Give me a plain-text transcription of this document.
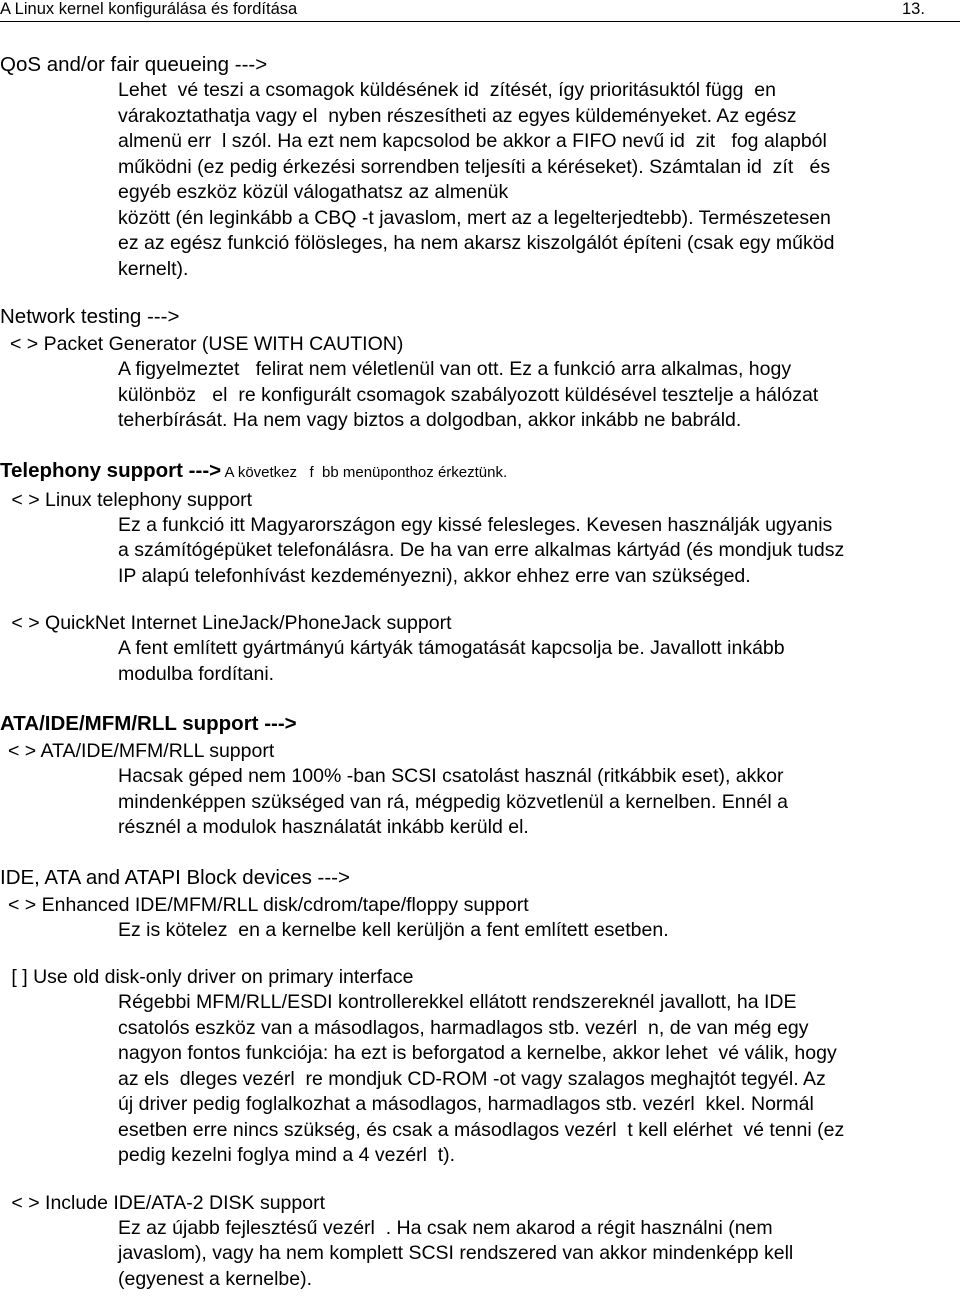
A Linux kernel konfigurálása és fordítása	13.
QoS and/or fair queueing --->
Lehet  vé teszi a csomagok küldésének id  zítését, így prioritásuktól függ  en
várakoztathatja vagy el  nyben részesítheti az egyes küldeményeket. Az egész
almenü err  l szól. Ha ezt nem kapcsolod be akkor a FIFO nevű id  zit   fog alapból
működni (ez pedig érkezési sorrendben teljesíti a kéréseket). Számtalan id  zít   és
egyéb eszköz közül válogathatsz az almenük
között (én leginkább a CBQ -t javaslom, mert az a legelterjedtebb). Természetesen
ez az egész funkció fölösleges, ha nem akarsz kiszolgálót építeni (csak egy működ
kernelt).
Network testing --->
< > Packet Generator (USE WITH CAUTION)
A figyelmeztet   felirat nem véletlenül van ott. Ez a funkció arra alkalmas, hogy
különböz   el  re konfigurált csomagok szabályozott küldésével tesztelje a hálózat
teherbírását. Ha nem vagy biztos a dolgodban, akkor inkább ne babráld.
Telephony support ---> A következ   f  bb menüponthoz érkeztünk.
< > Linux telephony support
Ez a funkció itt Magyarországon egy kissé felesleges. Kevesen használják ugyanis
a számítógépüket telefonálásra. De ha van erre alkalmas kártyád (és mondjuk tudsz
IP alapú telefonhívást kezdeményezni), akkor ehhez erre van szükséged.
< > QuickNet Internet LineJack/PhoneJack support
A fent említett gyártmányú kártyák támogatását kapcsolja be. Javallott inkább
modulba fordítani.
ATA/IDE/MFM/RLL support --->
< > ATA/IDE/MFM/RLL support
Hacsak géped nem 100% -ban SCSI csatolást használ (ritkábbik eset), akkor
mindenképpen szükséged van rá, mégpedig közvetlenül a kernelben. Ennél a
résznél a modulok használatát inkább kerüld el.
IDE, ATA and ATAPI Block devices --->
< > Enhanced IDE/MFM/RLL disk/cdrom/tape/floppy support
Ez is kötelez  en a kernelbe kell kerüljön a fent említett esetben.
[ ] Use old disk-only driver on primary interface
Régebbi MFM/RLL/ESDI kontrollerekkel ellátott rendszereknél javallott, ha IDE
csatolós eszköz van a másodlagos, harmadlagos stb. vezérl  n, de van még egy
nagyon fontos funkciója: ha ezt is beforgatod a kernelbe, akkor lehet  vé válik, hogy
az els  dleges vezérl  re mondjuk CD-ROM -ot vagy szalagos meghajtót tegyél. Az
új driver pedig foglalkozhat a másodlagos, harmadlagos stb. vezérl  kkel. Normál
esetben erre nincs szükség, és csak a másodlagos vezérl  t kell elérhet  vé tenni (ez
pedig kezelni foglya mind a 4 vezérl  t).
< > Include IDE/ATA-2 DISK support
Ez az újabb fejlesztésű vezérl  . Ha csak nem akarod a régit használni (nem
javaslom), vagy ha nem komplett SCSI rendszered van akkor mindenképp kell
(egyenest a kernelbe).
